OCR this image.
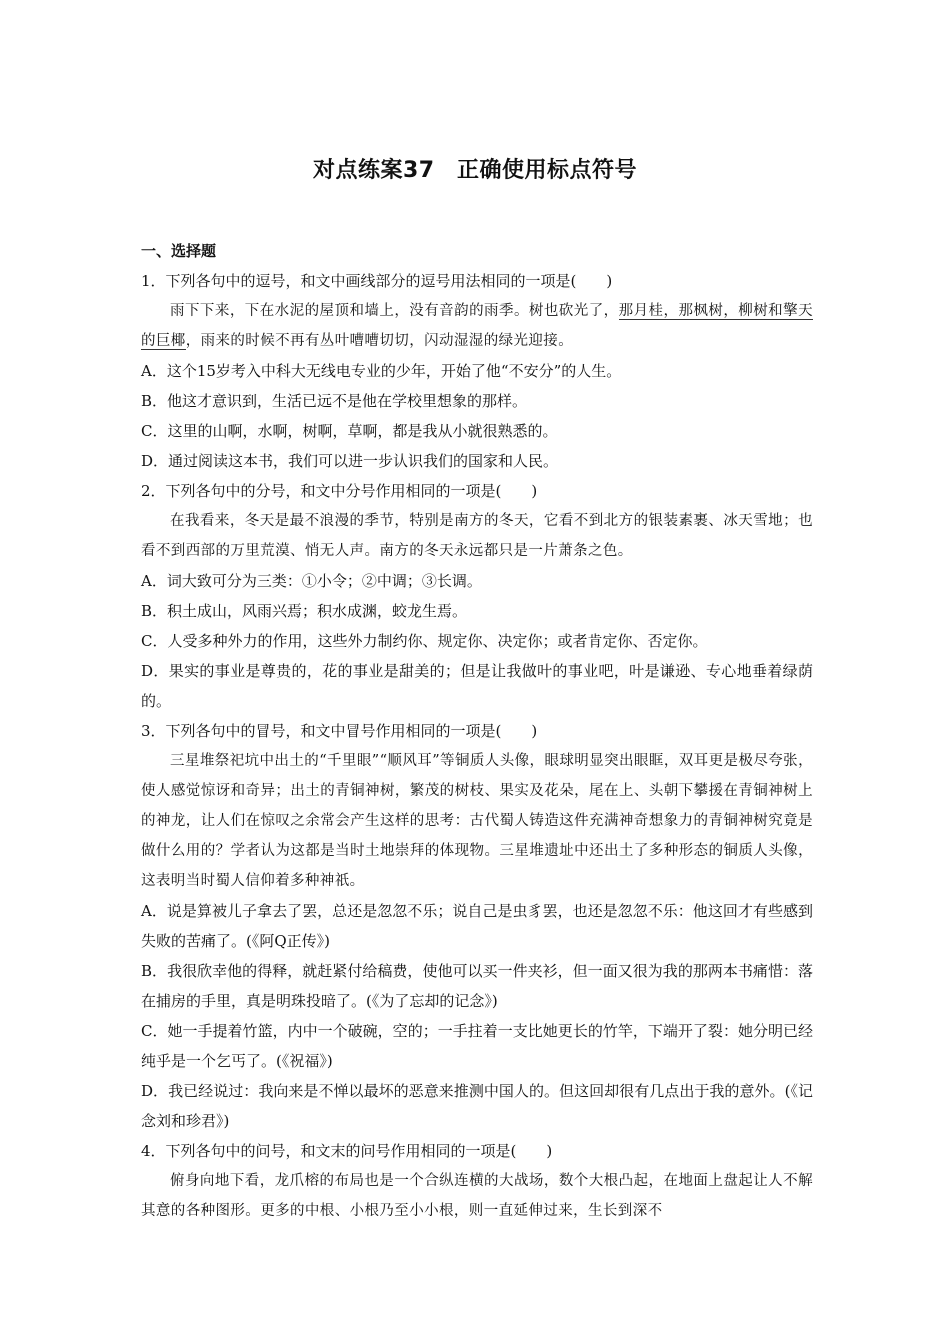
对点练案37　正确使用标点符号

一、选择题

1．下列各句中的逗号，和文中画线部分的逗号用法相同的一项是(　　)

雨下下来，下在水泥的屋顶和墙上，没有音韵的雨季。树也砍光了，那月桂，那枫树，柳树和擎天的巨椰，雨来的时候不再有丛叶嘈嘈切切，闪动湿湿的绿光迎接。

A．这个15岁考入中科大无线电专业的少年，开始了他“不安分”的人生。

B．他这才意识到，生活已远不是他在学校里想象的那样。

C．这里的山啊，水啊，树啊，草啊，都是我从小就很熟悉的。

D．通过阅读这本书，我们可以进一步认识我们的国家和人民。

2．下列各句中的分号，和文中分号作用相同的一项是(　　)

在我看来，冬天是最不浪漫的季节，特别是南方的冬天，它看不到北方的银装素裹、冰天雪地；也看不到西部的万里荒漠、悄无人声。南方的冬天永远都只是一片萧条之色。

A．词大致可分为三类：①小令；②中调；③长调。

B．积土成山，风雨兴焉；积水成渊，蛟龙生焉。

C．人受多种外力的作用，这些外力制约你、规定你、决定你；或者肯定你、否定你。

D．果实的事业是尊贵的，花的事业是甜美的；但是让我做叶的事业吧，叶是谦逊、专心地垂着绿荫的。

3．下列各句中的冒号，和文中冒号作用相同的一项是(　　)

三星堆祭祀坑中出土的“千里眼”“顺风耳”等铜质人头像，眼球明显突出眼眶，双耳更是极尽夸张，使人感觉惊讶和奇异；出土的青铜神树，繁茂的树枝、果实及花朵，尾在上、头朝下攀援在青铜神树上的神龙，让人们在惊叹之余常会产生这样的思考：古代蜀人铸造这件充满神奇想象力的青铜神树究竟是做什么用的？学者认为这都是当时土地崇拜的体现物。三星堆遗址中还出土了多种形态的铜质人头像，这表明当时蜀人信仰着多种神祇。

A．说是算被儿子拿去了罢，总还是忽忽不乐；说自己是虫豸罢，也还是忽忽不乐：他这回才有些感到失败的苦痛了。(《阿Q正传》)

B．我很欣幸他的得释，就赶紧付给稿费，使他可以买一件夹衫，但一面又很为我的那两本书痛惜：落在捕房的手里，真是明珠投暗了。(《为了忘却的记念》)

C．她一手提着竹篮，内中一个破碗，空的；一手拄着一支比她更长的竹竿，下端开了裂：她分明已经纯乎是一个乞丐了。(《祝福》)

D．我已经说过：我向来是不惮以最坏的恶意来推测中国人的。但这回却很有几点出于我的意外。(《记念刘和珍君》)

4．下列各句中的问号，和文末的问号作用相同的一项是(　　)

俯身向地下看，龙爪榕的布局也是一个合纵连横的大战场，数个大根凸起，在地面上盘起让人不解其意的各种图形。更多的中根、小根乃至小小根，则一直延伸过来，生长到深不
